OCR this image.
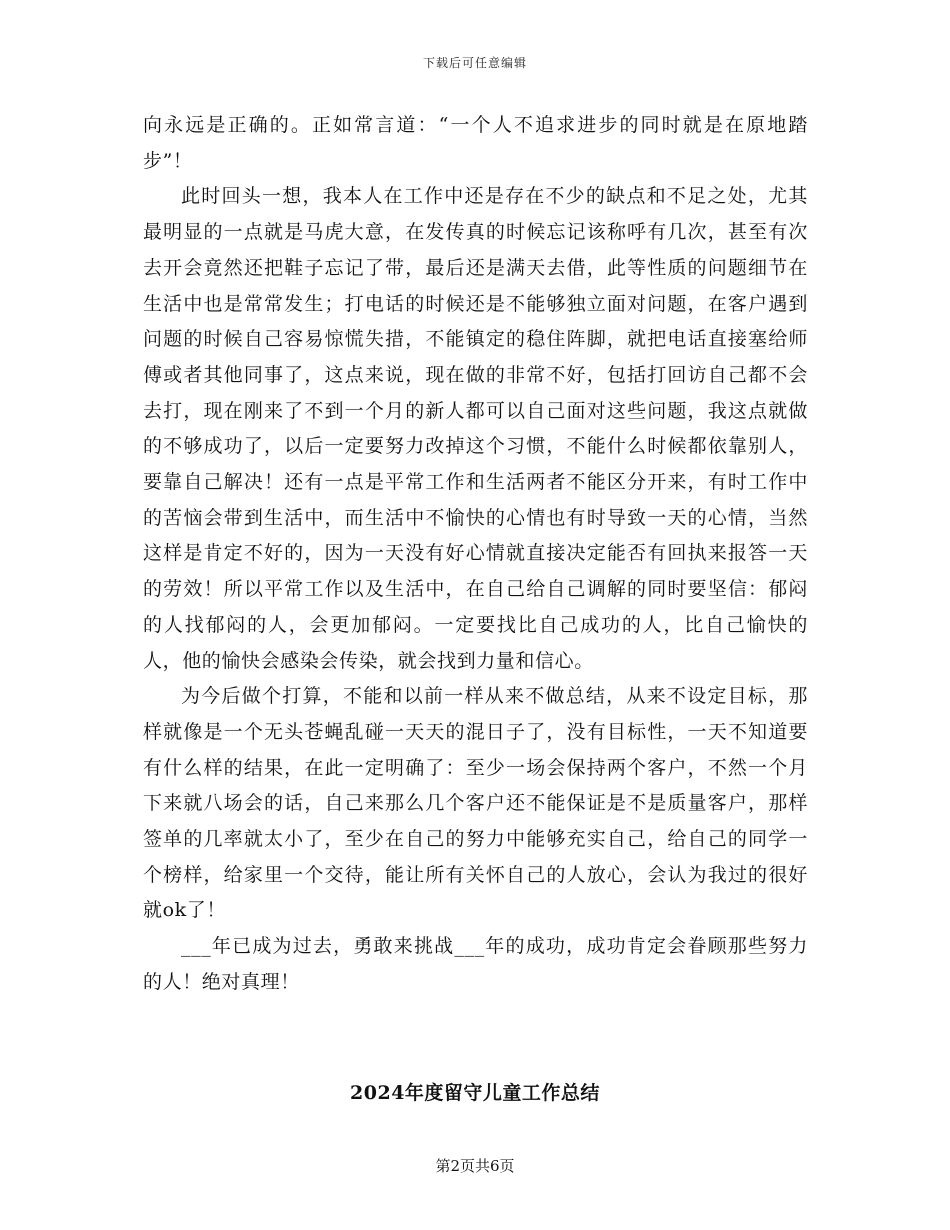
下载后可任意编辑

向永远是正确的。正如常言道：“一个人不追求进步的同时就是在原地踏步”！

此时回头一想，我本人在工作中还是存在不少的缺点和不足之处，尤其最明显的一点就是马虎大意，在发传真的时候忘记该称呼有几次，甚至有次去开会竟然还把鞋子忘记了带，最后还是满天去借，此等性质的问题细节在生活中也是常常发生；打电话的时候还是不能够独立面对问题，在客户遇到问题的时候自己容易惊慌失措，不能镇定的稳住阵脚，就把电话直接塞给师傅或者其他同事了，这点来说，现在做的非常不好，包括打回访自己都不会去打，现在刚来了不到一个月的新人都可以自己面对这些问题，我这点就做的不够成功了，以后一定要努力改掉这个习惯，不能什么时候都依靠别人，要靠自己解决！还有一点是平常工作和生活两者不能区分开来，有时工作中的苦恼会带到生活中，而生活中不愉快的心情也有时导致一天的心情，当然这样是肯定不好的，因为一天没有好心情就直接决定能否有回执来报答一天的劳效！所以平常工作以及生活中，在自己给自己调解的同时要坚信：郁闷的人找郁闷的人，会更加郁闷。一定要找比自己成功的人，比自己愉快的人，他的愉快会感染会传染，就会找到力量和信心。

为今后做个打算，不能和以前一样从来不做总结，从来不设定目标，那样就像是一个无头苍蝇乱碰一天天的混日子了，没有目标性，一天不知道要有什么样的结果，在此一定明确了：至少一场会保持两个客户，不然一个月下来就八场会的话，自己来那么几个客户还不能保证是不是质量客户，那样签单的几率就太小了，至少在自己的努力中能够充实自己，给自己的同学一个榜样，给家里一个交待，能让所有关怀自己的人放心，会认为我过的很好就ok了！

___年已成为过去，勇敢来挑战___年的成功，成功肯定会眷顾那些努力的人！绝对真理！

2024年度留守儿童工作总结
第2页共6页
